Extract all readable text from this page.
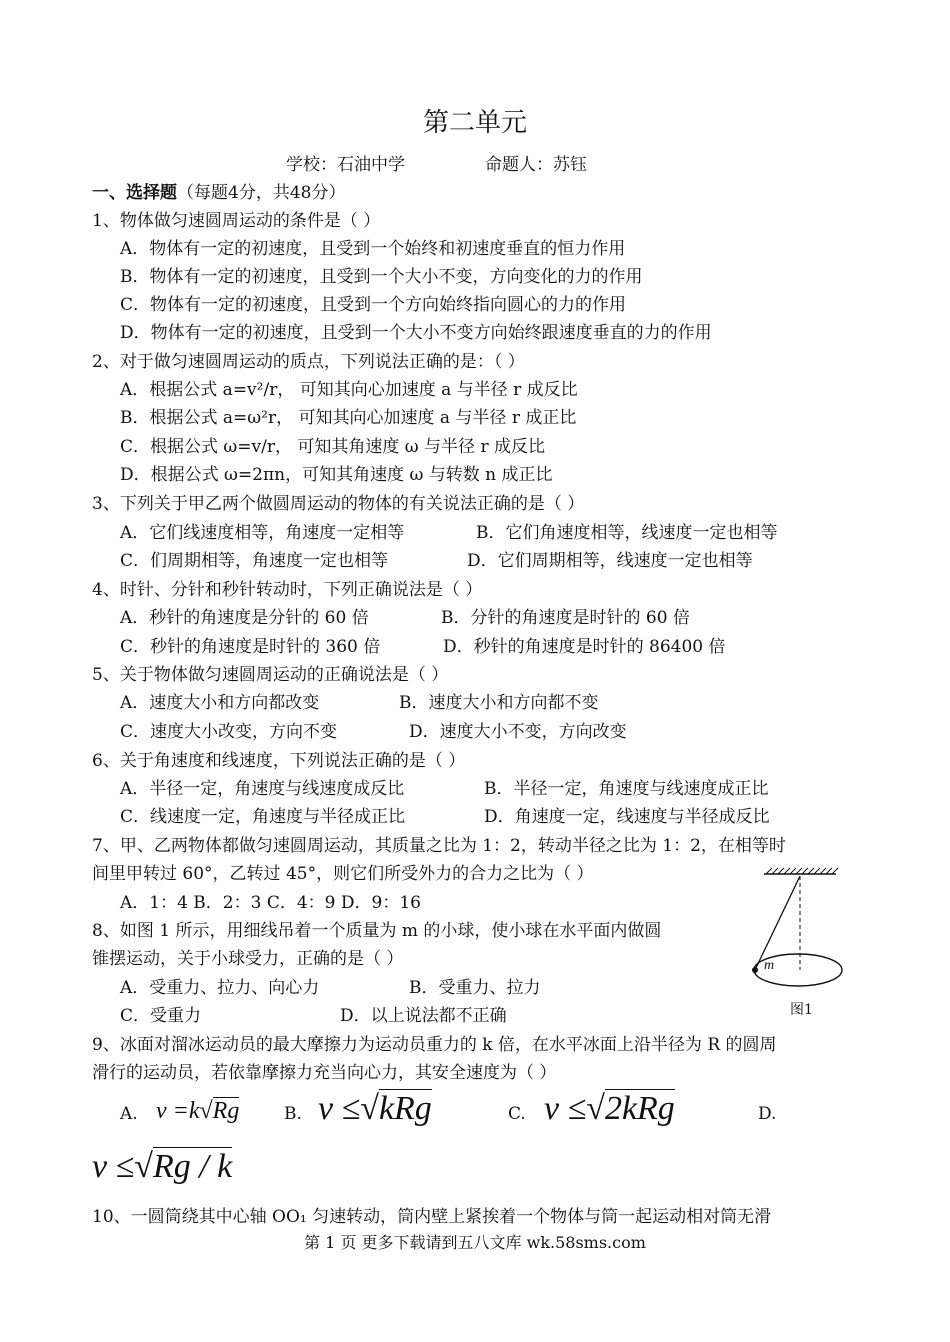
第二单元
学校：石油中学	命题人：苏钰
一、选择题（每题4分，共48分）
1、物体做匀速圆周运动的条件是（ ）
A．物体有一定的初速度，且受到一个始终和初速度垂直的恒力作用
B．物体有一定的初速度，且受到一个大小不变，方向变化的力的作用
C．物体有一定的初速度，且受到一个方向始终指向圆心的力的作用
D．物体有一定的初速度，且受到一个大小不变方向始终跟速度垂直的力的作用
2、对于做匀速圆周运动的质点，下列说法正确的是：（ ）
A．根据公式 a=v²/r， 可知其向心加速度 a 与半径 r 成反比
B．根据公式 a=ω²r， 可知其向心加速度 a 与半径 r 成正比
C．根据公式 ω=v/r， 可知其角速度 ω 与半径 r 成反比
D．根据公式 ω=2πn，可知其角速度 ω 与转数 n 成正比
3、下列关于甲乙两个做圆周运动的物体的有关说法正确的是（ ）
A．它们线速度相等，角速度一定相等	B．它们角速度相等，线速度一定也相等
C．们周期相等，角速度一定也相等	D．它们周期相等，线速度一定也相等
4、时针、分针和秒针转动时，下列正确说法是（ ）
A．秒针的角速度是分针的 60 倍	B．分针的角速度是时针的 60 倍
C．秒针的角速度是时针的 360 倍	D．秒针的角速度是时针的 86400 倍
5、关于物体做匀速圆周运动的正确说法是（ ）
A．速度大小和方向都改变	B．速度大小和方向都不变
C．速度大小改变，方向不变	D．速度大小不变，方向改变
6、关于角速度和线速度，下列说法正确的是（ ）
A．半径一定，角速度与线速度成反比	B．半径一定，角速度与线速度成正比
C．线速度一定，角速度与半径成正比	D．角速度一定，线速度与半径成反比
7、甲、乙两物体都做匀速圆周运动，其质量之比为 1：2，转动半径之比为 1：2，在相等时
间里甲转过 60°，乙转过 45°，则它们所受外力的合力之比为（ ）
A．1：4 B．2：3 C．4：9 D．9：16
8、如图 1 所示，用细线吊着一个质量为 m 的小球，使小球在水平面内做圆
锥摆运动，关于小球受力，正确的是（ ）
A．受重力、拉力、向心力	B．受重力、拉力
C．受重力	D．以上说法都不正确
m
图1
9、冰面对溜冰运动员的最大摩擦力为运动员重力的 k 倍，在水平冰面上沿半径为 R 的圆周
滑行的运动员，若依靠摩擦力充当向心力，其安全速度为（ ）
A. v =k√Rg	B. v ≤√kRg	C. v ≤√2kRg	D.
v ≤√Rg / k
10、一圆筒绕其中心轴 OO₁ 匀速转动，筒内壁上紧挨着一个物体与筒一起运动相对筒无滑
第 1 页 更多下载请到五八文库 wk.58sms.com
